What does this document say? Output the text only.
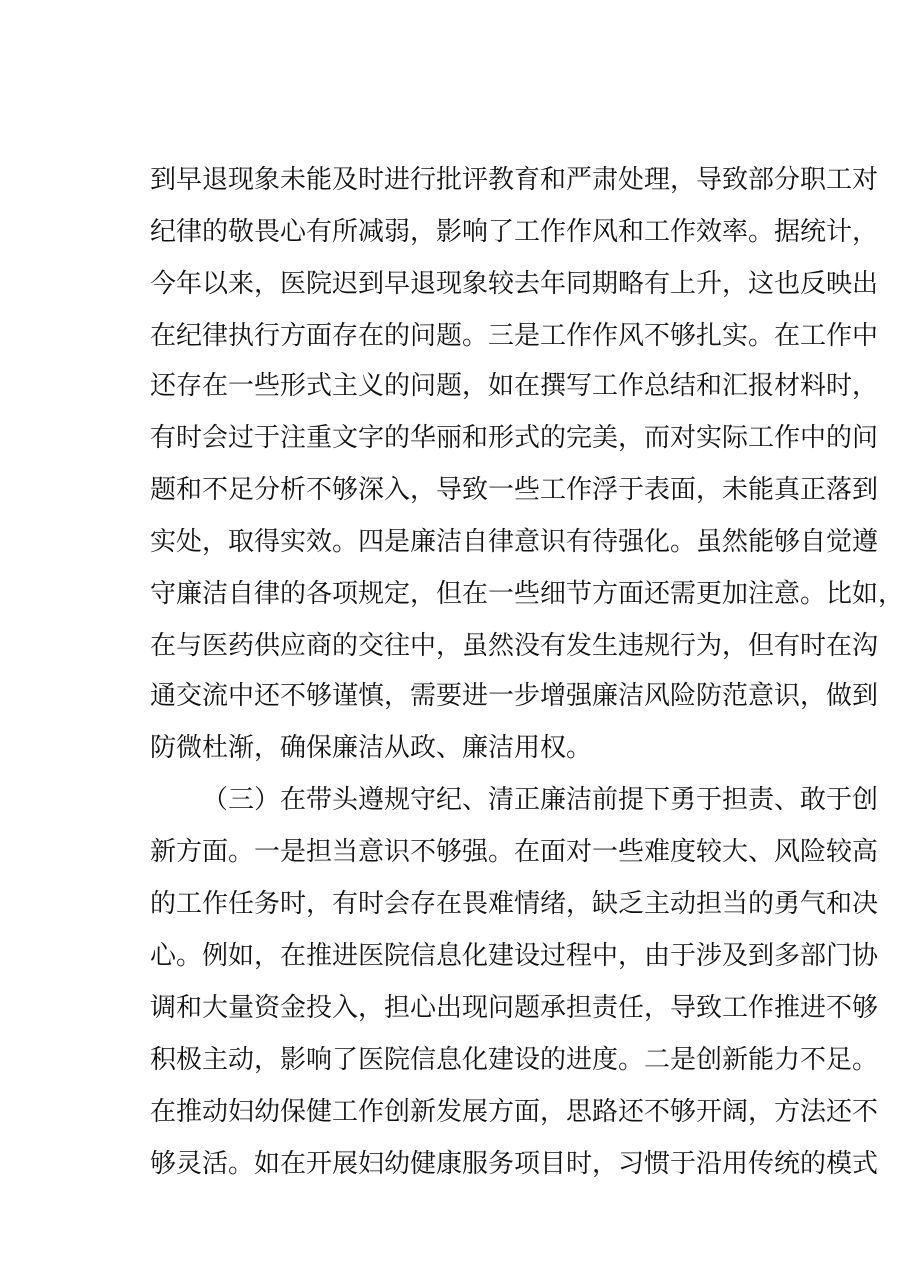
到早退现象未能及时进行批评教育和严肃处理，导致部分职工对
纪律的敬畏心有所减弱，影响了工作作风和工作效率。据统计，
今年以来，医院迟到早退现象较去年同期略有上升，这也反映出
在纪律执行方面存在的问题。三是工作作风不够扎实。在工作中
还存在一些形式主义的问题，如在撰写工作总结和汇报材料时，
有时会过于注重文字的华丽和形式的完美，而对实际工作中的问
题和不足分析不够深入，导致一些工作浮于表面，未能真正落到
实处，取得实效。四是廉洁自律意识有待强化。虽然能够自觉遵
守廉洁自律的各项规定，但在一些细节方面还需更加注意。比如，
在与医药供应商的交往中，虽然没有发生违规行为，但有时在沟
通交流中还不够谨慎，需要进一步增强廉洁风险防范意识，做到
防微杜渐，确保廉洁从政、廉洁用权。
（三）在带头遵规守纪、清正廉洁前提下勇于担责、敢于创
新方面。一是担当意识不够强。在面对一些难度较大、风险较高
的工作任务时，有时会存在畏难情绪，缺乏主动担当的勇气和决
心。例如，在推进医院信息化建设过程中，由于涉及到多部门协
调和大量资金投入，担心出现问题承担责任，导致工作推进不够
积极主动，影响了医院信息化建设的进度。二是创新能力不足。
在推动妇幼保健工作创新发展方面，思路还不够开阔，方法还不
够灵活。如在开展妇幼健康服务项目时，习惯于沿用传统的模式
